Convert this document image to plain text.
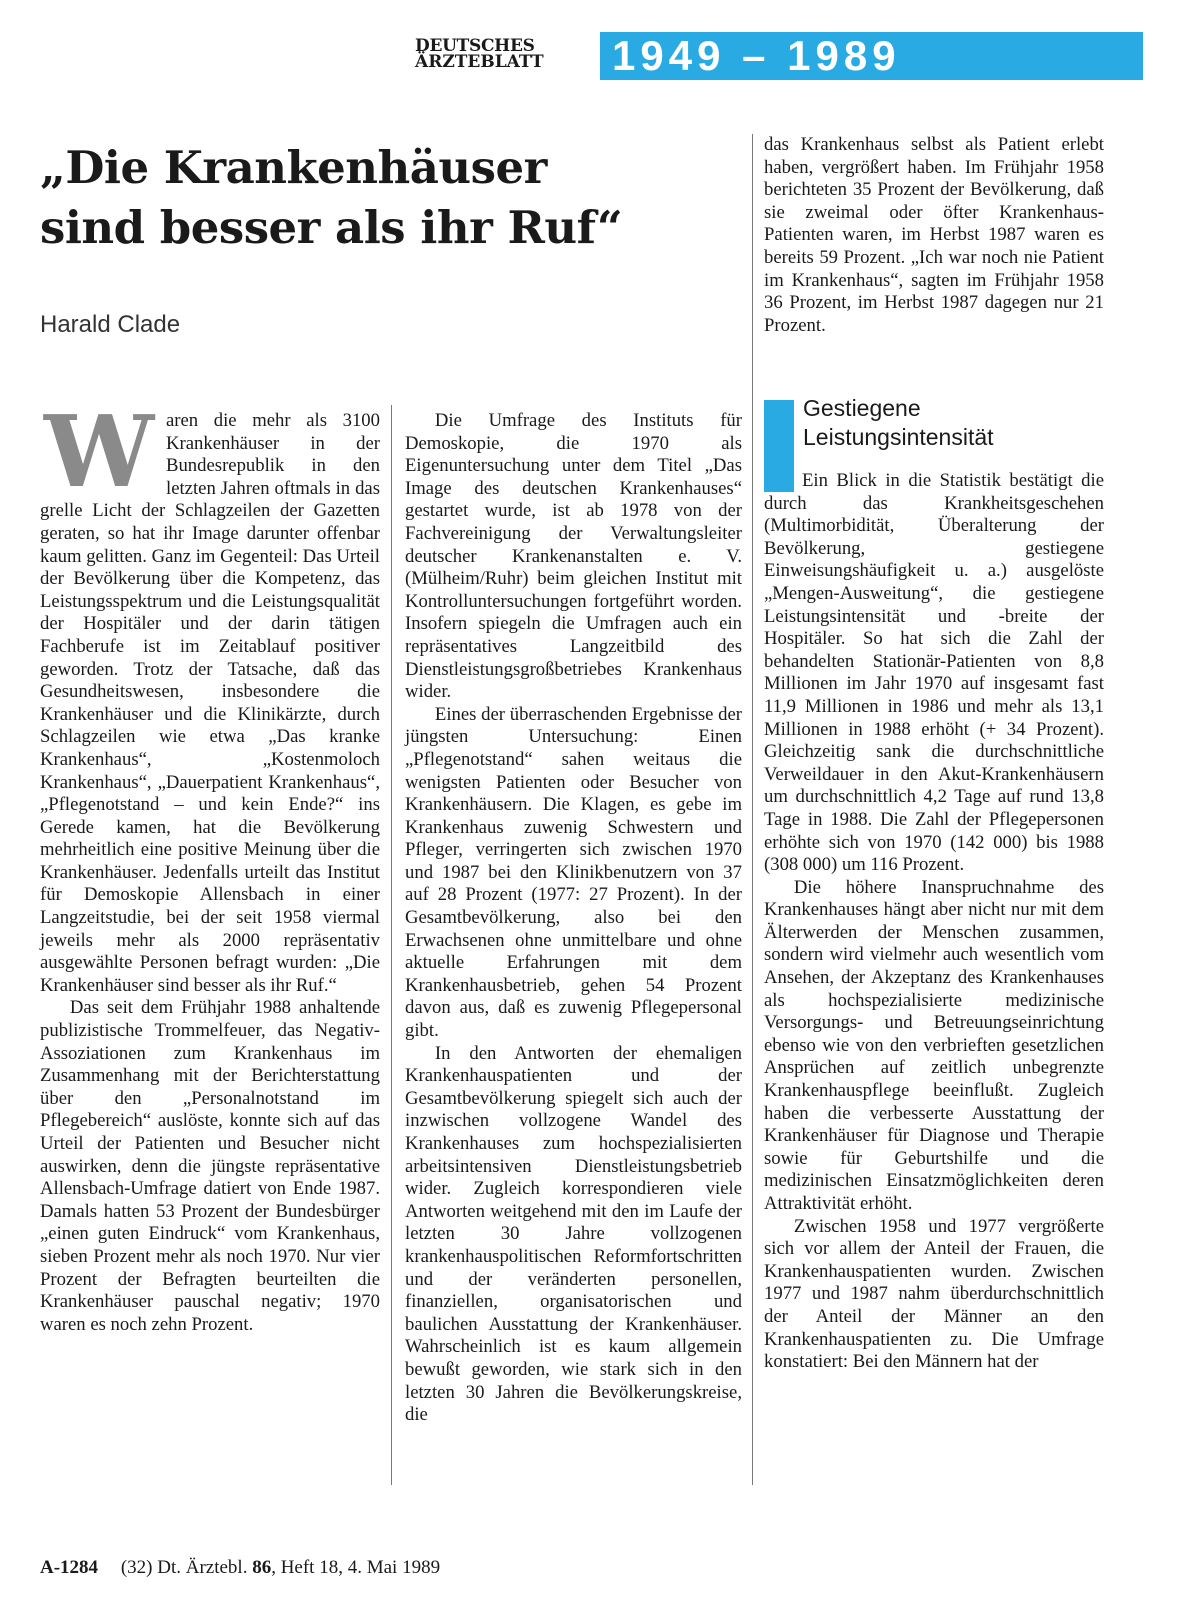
DEUTSCHES
ÄRZTEBLATT	1949 – 1989
„Die Krankenhäuser
sind besser als ihr Ruf“
Harald Clade
W aren die mehr als 3100 Krankenhäuser in der Bundesrepublik in den letzten Jahren oftmals in das grelle Licht der Schlagzeilen der Gazetten geraten, so hat ihr Image darunter offenbar kaum gelitten. Ganz im Gegenteil: Das Urteil der Bevölkerung über die Kompetenz, das Leistungsspektrum und die Leistungsqualität der Hospitäler und der darin tätigen Fachberufe ist im Zeitablauf positiver geworden. Trotz der Tatsache, daß das Gesundheitswesen, insbesondere die Krankenhäuser und die Klinikärzte, durch Schlagzeilen wie etwa „Das kranke Krankenhaus“, „Kostenmoloch Krankenhaus“, „Dauerpatient Krankenhaus“, „Pflegenotstand – und kein Ende?“ ins Gerede kamen, hat die Bevölkerung mehrheitlich eine positive Meinung über die Krankenhäuser. Jedenfalls urteilt das Institut für Demoskopie Allensbach in einer Langzeitstudie, bei der seit 1958 viermal jeweils mehr als 2000 repräsentativ ausgewählte Personen befragt wurden: „Die Krankenhäuser sind besser als ihr Ruf.“

Das seit dem Frühjahr 1988 anhaltende publizistische Trommelfeuer, das Negativ-Assoziationen zum Krankenhaus im Zusammenhang mit der Berichterstattung über den „Personalnotstand im Pflegebereich“ auslöste, konnte sich auf das Urteil der Patienten und Besucher nicht auswirken, denn die jüngste repräsentative Allensbach-Umfrage datiert von Ende 1987. Damals hatten 53 Prozent der Bundesbürger „einen guten Eindruck“ vom Krankenhaus, sieben Prozent mehr als noch 1970. Nur vier Prozent der Befragten beurteilten die Krankenhäuser pauschal negativ; 1970 waren es noch zehn Prozent.

Die Umfrage des Instituts für Demoskopie, die 1970 als Eigenuntersuchung unter dem Titel „Das Image des deutschen Krankenhauses“ gestartet wurde, ist ab 1978 von der Fachvereinigung der Verwaltungsleiter deutscher Krankenanstalten e. V. (Mülheim/Ruhr) beim gleichen Institut mit Kontrolluntersuchungen fortgeführt worden. Insofern spiegeln die Umfragen auch ein repräsentatives Langzeitbild des Dienstleistungsgroßbetriebes Krankenhaus wider.

Eines der überraschenden Ergebnisse der jüngsten Untersuchung: Einen „Pflegenotstand“ sahen weitaus die wenigsten Patienten oder Besucher von Krankenhäusern. Die Klagen, es gebe im Krankenhaus zuwenig Schwestern und Pfleger, verringerten sich zwischen 1970 und 1987 bei den Klinikbenutzern von 37 auf 28 Prozent (1977: 27 Prozent). In der Gesamtbevölkerung, also bei den Erwachsenen ohne unmittelbare und ohne aktuelle Erfahrungen mit dem Krankenhausbetrieb, gehen 54 Prozent davon aus, daß es zuwenig Pflegepersonal gibt.

In den Antworten der ehemaligen Krankenhauspatienten und der Gesamtbevölkerung spiegelt sich auch der inzwischen vollzogene Wandel des Krankenhauses zum hochspezialisierten arbeitsintensiven Dienstleistungsbetrieb wider. Zugleich korrespondieren viele Antworten weitgehend mit den im Laufe der letzten 30 Jahre vollzogenen krankenhauspolitischen Reformfortschritten und der veränderten personellen, finanziellen, organisatorischen und baulichen Ausstattung der Krankenhäuser. Wahrscheinlich ist es kaum allgemein bewußt geworden, wie stark sich in den letzten 30 Jahren die Bevölkerungskreise, die

das Krankenhaus selbst als Patient erlebt haben, vergrößert haben. Im Frühjahr 1958 berichteten 35 Prozent der Bevölkerung, daß sie zweimal oder öfter Krankenhaus-Patienten waren, im Herbst 1987 waren es bereits 59 Prozent. „Ich war noch nie Patient im Krankenhaus“, sagten im Frühjahr 1958 36 Prozent, im Herbst 1987 dagegen nur 21 Prozent.

Gestiegene
Leistungsintensität

Ein Blick in die Statistik bestätigt die durch das Krankheitsgeschehen (Multimorbidität, Überalterung der Bevölkerung, gestiegene Einweisungshäufigkeit u. a.) ausgelöste „Mengen-Ausweitung“, die gestiegene Leistungsintensität und -breite der Hospitäler. So hat sich die Zahl der behandelten Stationär-Patienten von 8,8 Millionen im Jahr 1970 auf insgesamt fast 11,9 Millionen in 1986 und mehr als 13,1 Millionen in 1988 erhöht (+ 34 Prozent). Gleichzeitig sank die durchschnittliche Verweildauer in den Akut-Krankenhäusern um durchschnittlich 4,2 Tage auf rund 13,8 Tage in 1988. Die Zahl der Pflegepersonen erhöhte sich von 1970 (142 000) bis 1988 (308 000) um 116 Prozent.

Die höhere Inanspruchnahme des Krankenhauses hängt aber nicht nur mit dem Älterwerden der Menschen zusammen, sondern wird vielmehr auch wesentlich vom Ansehen, der Akzeptanz des Krankenhauses als hochspezialisierte medizinische Versorgungs- und Betreuungseinrichtung ebenso wie von den verbrieften gesetzlichen Ansprüchen auf zeitlich unbegrenzte Krankenhauspflege beeinflußt. Zugleich haben die verbesserte Ausstattung der Krankenhäuser für Diagnose und Therapie sowie für Geburtshilfe und die medizinischen Einsatzmöglichkeiten deren Attraktivität erhöht.

Zwischen 1958 und 1977 vergrößerte sich vor allem der Anteil der Frauen, die Krankenhauspatienten wurden. Zwischen 1977 und 1987 nahm überdurchschnittlich der Anteil der Männer an den Krankenhauspatienten zu. Die Umfrage konstatiert: Bei den Männern hat der

A-1284 (32) Dt. Ärztebl. 86, Heft 18, 4. Mai 1989
